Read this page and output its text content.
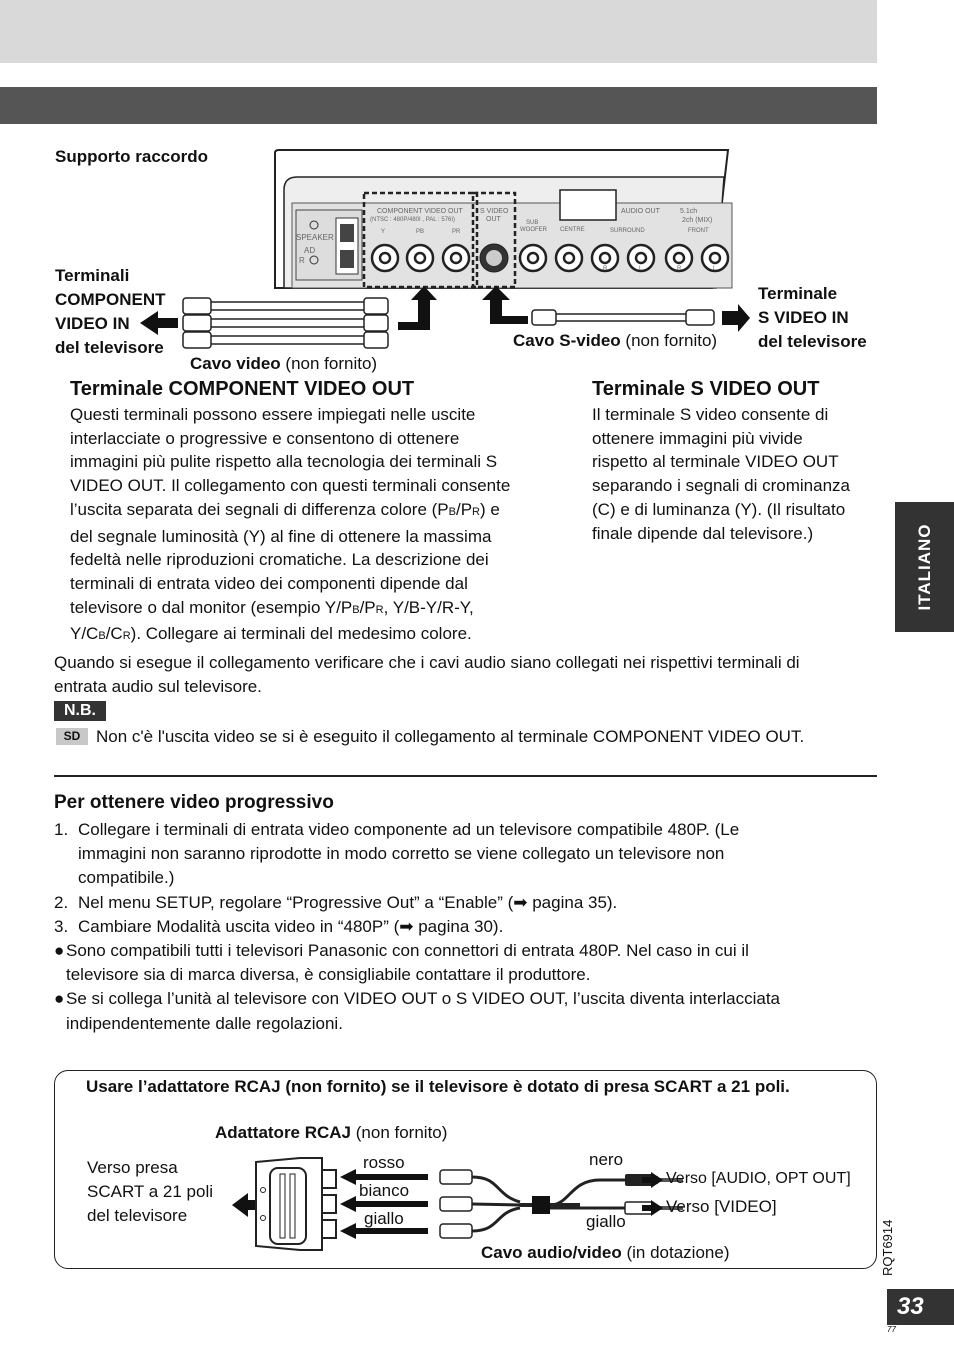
Supporto raccordo
SPEAKER
AD
R
COMPONENT VIDEO OUT
(NTSC : 480P/480I , PAL : 576I)
Y	PB	PR
S VIDEO
OUT	SUB
WOOFER CENTRE	SURROUND
AUDIO OUT	5.1ch
2ch (MIX)
FRONT
R	L	R	L
Terminali
COMPONENT
VIDEO IN
del televisore
Cavo video (non fornito)
Cavo S-video (non fornito)
Terminale
S VIDEO IN
del televisore
Terminale COMPONENT VIDEO OUT

Questi terminali possono essere impiegati nelle uscite

interlacciate o progressive e consentono di ottenere

immagini più pulite rispetto alla tecnologia dei terminali S

VIDEO OUT. Il collegamento con questi terminali consente

l’uscita separata dei segnali di differenza colore (PB/PR) e

del segnale luminosità (Y) al fine di ottenere la massima

fedeltà nelle riproduzioni cromatiche. La descrizione dei

terminali di entrata video dei componenti dipende dal

televisore o dal monitor (esempio Y/PB/PR, Y/B-Y/R-Y,

Y/CB/CR). Collegare ai terminali del medesimo colore.

Terminale S VIDEO OUT

Il terminale S video consente di

ottenere immagini più vivide

rispetto al terminale VIDEO OUT

separando i segnali di crominanza

(C) e di luminanza (Y). (Il risultato

finale dipende dal televisore.)	ITALIANO

Quando si esegue il collegamento verificare che i cavi audio siano collegati nei rispettivi terminali di

entrata audio sul televisore.

N.B.
SD Non c'è l'uscita video se si è eseguito il collegamento al terminale COMPONENT VIDEO OUT.
Per ottenere video progressivo
1. Collegare i terminali di entrata video componente ad un televisore compatibile 480P. (Le
immagini non saranno riprodotte in modo corretto se viene collegato un televisore non
compatibile.)
2. Nel menu SETUP, regolare “Progressive Out” a “Enable” (➡ pagina 35).
3. Cambiare Modalità uscita video in “480P” (➡ pagina 30).
● Sono compatibili tutti i televisori Panasonic con connettori di entrata 480P. Nel caso in cui il
televisore sia di marca diversa, è consigliabile contattare il produttore.
● Se si collega l’unità al televisore con VIDEO OUT o S VIDEO OUT, l’uscita diventa interlacciata
indipendentemente dalle regolazioni.
Usare l’adattatore RCAJ (non fornito) se il televisore è dotato di presa SCART a 21 poli.
Adattatore RCAJ (non fornito)
Verso presa
SCART a 21 poli
del televisore
rosso
bianco
giallo
nero
giallo
Verso [AUDIO, OPT OUT]
Verso [VIDEO]
Cavo audio/video (in dotazione)	RQT6914
33
77
